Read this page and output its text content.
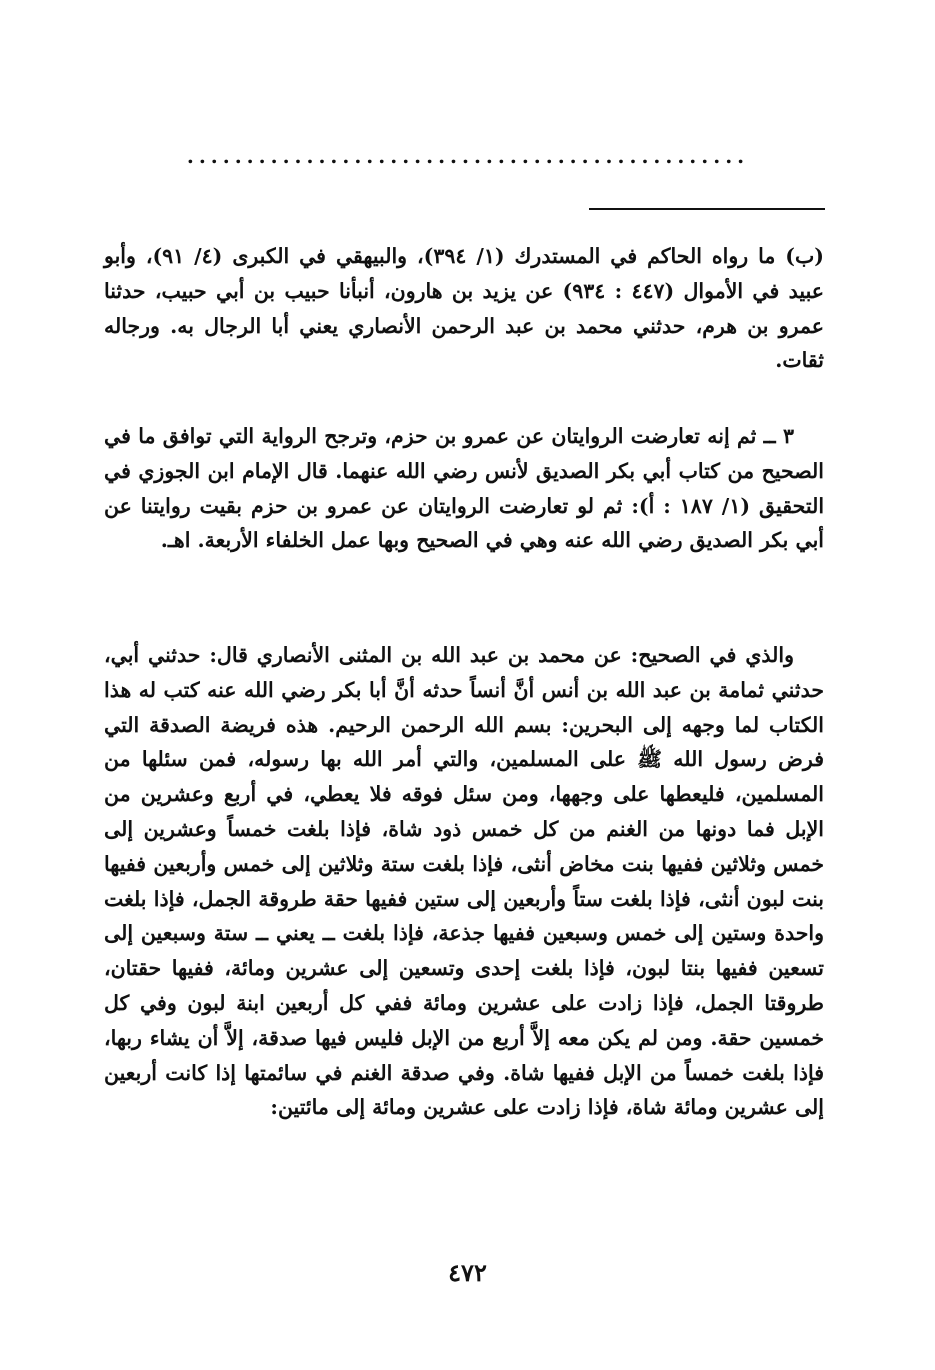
...............................................

(ب) ما رواه الحاكم في المستدرك (١/ ٣٩٤)، والبيهقي في الكبرى (٤/ ٩١)، وأبو عبيد في الأموال (٤٤٧ : ٩٣٤) عن يزيد بن هارون، أنبأنا حبيب بن أبي حبيب، حدثنا عمرو بن هرم، حدثني محمد بن عبد الرحمن الأنصاري يعني أبا الرجال به. ورجاله ثقات.

٣ ــ ثم إنه تعارضت الروايتان عن عمرو بن حزم، وترجح الرواية التي توافق ما في الصحيح من كتاب أبي بكر الصديق لأنس رضي الله عنهما. قال الإمام ابن الجوزي في التحقيق (١/ ١٨٧ : أ): ثم لو تعارضت الروايتان عن عمرو بن حزم بقيت روايتنا عن أبي بكر الصديق رضي الله عنه وهي في الصحيح وبها عمل الخلفاء الأربعة. اهـ.

والذي في الصحيح: عن محمد بن عبد الله بن المثنى الأنصاري قال: حدثني أبي، حدثني ثمامة بن عبد الله بن أنس أنَّ أنساً حدثه أنَّ أبا بكر رضي الله عنه كتب له هذا الكتاب لما وجهه إلى البحرين: بسم الله الرحمن الرحيم. هذه فريضة الصدقة التي فرض رسول الله ﷺ على المسلمين، والتي أمر الله بها رسوله، فمن سئلها من المسلمين، فليعطها على وجهها، ومن سئل فوقه فلا يعطي، في أربع وعشرين من الإبل فما دونها من الغنم من كل خمس ذود شاة، فإذا بلغت خمساً وعشرين إلى خمس وثلاثين ففيها بنت مخاض أنثى، فإذا بلغت ستة وثلاثين إلى خمس وأربعين ففيها بنت لبون أنثى، فإذا بلغت ستاً وأربعين إلى ستين ففيها حقة طروقة الجمل، فإذا بلغت واحدة وستين إلى خمس وسبعين ففيها جذعة، فإذا بلغت ــ يعني ــ ستة وسبعين إلى تسعين ففيها بنتا لبون، فإذا بلغت إحدى وتسعين إلى عشرين ومائة، ففيها حقتان، طروقتا الجمل، فإذا زادت على عشرين ومائة ففي كل أربعين ابنة لبون وفي كل خمسين حقة. ومن لم يكن معه إلاَّ أربع من الإبل فليس فيها صدقة، إلاَّ أن يشاء ربها، فإذا بلغت خمساً من الإبل ففيها شاة. وفي صدقة الغنم في سائمتها إذا كانت أربعين إلى عشرين ومائة شاة، فإذا زادت على عشرين ومائة إلى مائتين:

٤٧٢
